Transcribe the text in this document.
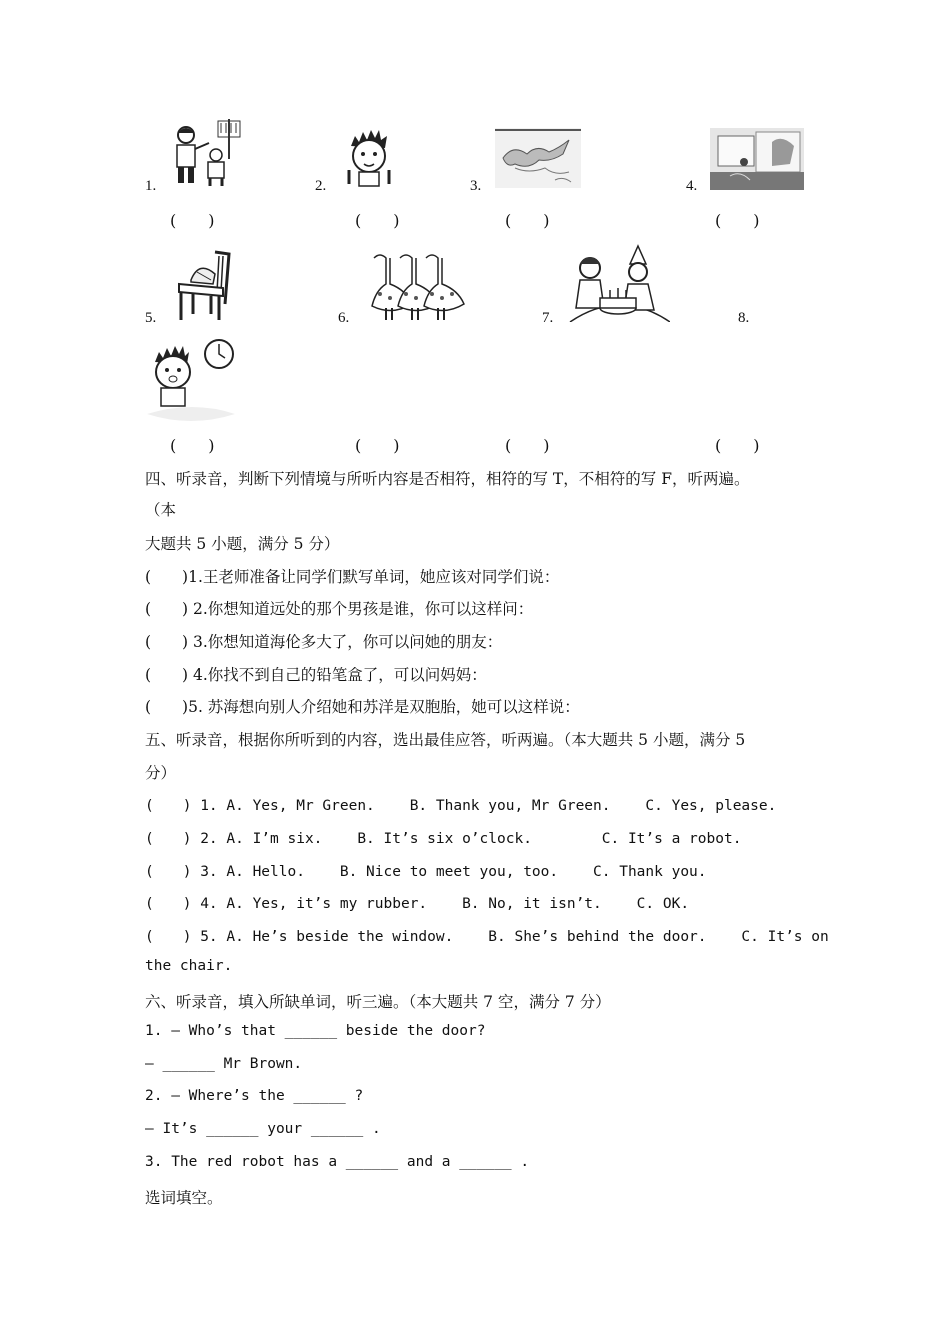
1.	2.	3.	4.
(　　)	(　　)	(　　)	(　　)
5.	6.	7.	8.
(　　)	(　　)	(　　)	(　　)
四、听录音，判断下列情境与所听内容是否相符，相符的写 T，不相符的写 F，听两遍。
（本
大题共 5 小题，满分 5 分）
(　　)1.王老师准备让同学们默写单词，她应该对同学们说：
(　　) 2.你想知道远处的那个男孩是谁，你可以这样问：
(　　) 3.你想知道海伦多大了，你可以问她的朋友：
(　　) 4.你找不到自己的铅笔盒了，可以问妈妈：
(　　)5. 苏海想向别人介绍她和苏洋是双胞胎，她可以这样说：
五、听录音，根据你所听到的内容，选出最佳应答，听两遍。（本大题共 5 小题，满分 5
分）
(　　) 1. A. Yes, Mr Green.    B. Thank you, Mr Green.    C. Yes, please.
(　　) 2. A. I’m six.    B. It’s six o’clock.        C. It’s a robot.
(　　) 3. A. Hello.    B. Nice to meet you, too.    C. Thank you.
(　　) 4. A. Yes, it’s my rubber.    B. No, it isn’t.    C. OK.
(　　) 5. A. He’s beside the window.    B. She’s behind the door.    C. It’s on
the chair.
六、听录音，填入所缺单词，听三遍。（本大题共 7 空，满分 7 分）
1. — Who’s that ______ beside the door?
— ______ Mr Brown.
2. — Where’s the ______ ?
— It’s ______ your ______ .
3. The red robot has a ______ and a ______ .
选词填空。
